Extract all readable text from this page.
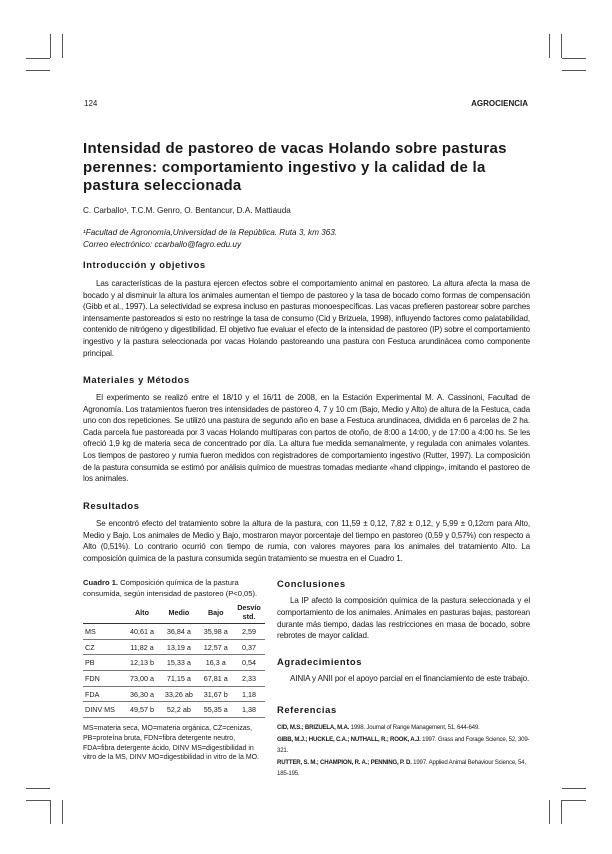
124	AGROCIENCIA
Intensidad de pastoreo de vacas Holando sobre pasturas perennes: comportamiento ingestivo y la calidad de la pastura seleccionada
C. Carballo¹, T.C.M. Genro, O. Bentancur, D.A. Mattiauda
¹Facultad de Agronomía,Universidad de la República. Ruta 3, km 363.
Correo electrónico: ccarballo@fagro.edu.uy
Introducción y objetivos
Las características de la pastura ejercen efectos sobre el comportamiento animal en pastoreo. La altura afecta la masa de bocado y al disminuir la altura los animales aumentan el tiempo de pastoreo y la tasa de bocado como formas de compensación (Gibb et al., 1997). La selectividad se expresa incluso en pasturas monoespecíficas. Las vacas prefieren pastorear sobre parches intensamente pastoreados si esto no restringe la tasa de consumo (Cid y Brizuela, 1998), influyendo factores como palatabilidad, contenido de nitrógeno y digestibilidad. El objetivo fue evaluar el efecto de la intensidad de pastoreo (IP) sobre el comportamiento ingestivo y la pastura seleccionada por vacas Holando pastoreando una pastura con Festuca arundinácea como componente principal.
Materiales y Métodos
El experimento se realizó entre el 18/10 y el 16/11 de 2008, en la Estación Experimental M. A. Cassinoni, Facultad de Agronomía. Los tratamientos fueron tres intensidades de pastoreo 4, 7 y 10 cm (Bajo, Medio y Alto) de altura de la Festuca, cada uno con dos repeticiones. Se utilizó una pastura de segundo año en base a Festuca arundinacea, dividida en 6 parcelas de 2 ha. Cada parcela fue pastoreada por 3 vacas Holando multíparas con partos de otoño, de 8:00 a 14:00, y de 17:00 a 4:00 hs. Se les ofreció 1,9 kg de materia seca de concentrado por día. La altura fue medida semanalmente, y regulada con animales volantes. Los tiempos de pastoreo y rumia fueron medidos con registradores de comportamiento ingestivo (Rutter, 1997). La composición de la pastura consumida se estimó por análisis químico de muestras tomadas mediante «hand clipping», imitando el pastoreo de los animales.
Resultados
Se encontró efecto del tratamiento sobre la altura de la pastura, con 11,59 ± 0,12, 7,82 ± 0,12, y 5,99 ± 0,12cm para Alto, Medio y Bajo. Los animales de Medio y Bajo, mostraron mayor porcentaje del tiempo en pastoreo (0,59 y 0,57%) con respecto a Alto (0,51%). Lo contrario ocurrió con tiempo de rumia, con valores mayores para los animales del tratamiento Alto. La composición química de la pastura consumida según tratamiento se muestra en el Cuadro 1.
Cuadro 1. Composición química de la pastura consumida, según intensidad de pastoreo (P<0,05).
	Alto	Medio	Bajo	Desvío std.
MS	40,61 a	36,84 a	35,98 a	2,59
CZ	11,82 a	13,19 a	12,57 a	0,37
PB	12,13 b	15,33 a	16,3 a	0,54
FDN	73,00 a	71,15 a	67,81 a	2,33
FDA	36,30 a	33,26 ab	31,67 b	1,18
DINV MS	49,57 b	52,2 ab	55,35 a	1,38
MS=materia seca, MO=materia orgánica, CZ=cenizas, PB=proteína bruta, FDN=fibra detergente neutro, FDA=fibra detergente ácido, DINV MS=digestibilidad in vitro de la MS, DINV MO=digestibilidad in vitro de la MO.
Conclusiones
La IP afectó la composición química de la pastura seleccionada y el comportamiento de los animales. Animales en pasturas bajas, pastorean durante más tiempo, dadas las restricciones en masa de bocado, sobre rebrotes de mayor calidad.
Agradecimientos
AINIA y ANII por el apoyo parcial en el financiamiento de este trabajo.
Referencias
CID, M.S.; BRIZUELA, M.A. 1998. Journal of Range Management, 51, 644-649.
GIBB, M.J.; HUCKLE, C.A.; NUTHALL, R.; ROOK, A.J. 1997. Grass and Forage Science, 52, 309-321.
RUTTER, S. M.; CHAMPION, R. A.; PENNING, P. D. 1997. Applied Animal Behaviour Science, 54, 185-195.
